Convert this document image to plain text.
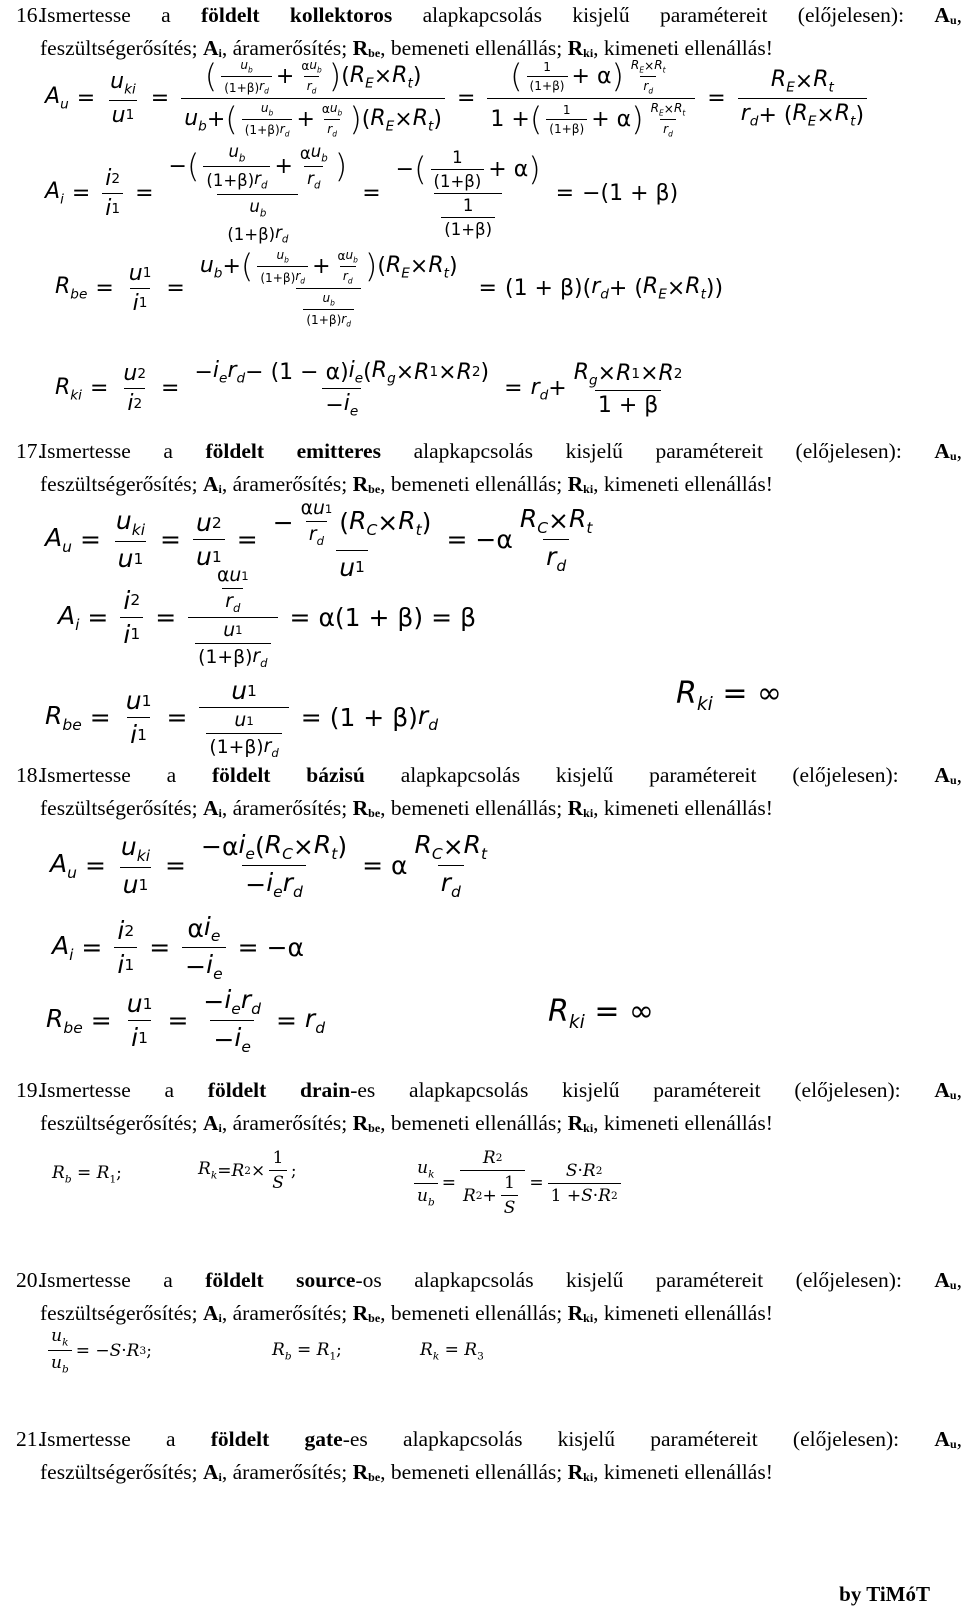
16.
Ismertesse a földelt kollektoros alapkapcsolás kisjelű paramétereit (előjelesen): $A_u$,
feszültségerősítés; $A_i$, áramerősítés; $R_{be}$, bemeneti ellenállás; $R_{ki}$, kimeneti ellenállás!
$A_u = \frac{u_{ki}}{u 1} = \frac{( \frac{u_b}{(1+\beta) r_d} + \frac{\alpha u_b}{r_d} ) ( R_E \times R_t )}{u_b + ( \frac{u_b}{(1+\beta) r_d} + \frac{\alpha u_b}{r_d} ) ( R_E \times R_t )} = \frac{( \frac{1}{(1+\beta)} + \alpha ) \frac{R_E \times R_t}{r_d}}{1 + ( \frac{1}{(1+\beta)} + \alpha ) \frac{R_E \times R_t}{r_d}} = \frac{R_E \times R_t}{r_d + ( R_E \times R_t )}$
$A_i = \frac{i 2}{i 1}$ = − ( $\frac{u_b}{(1+\beta) r_d} + \frac{\alpha u_b}{r_d}$ )
$u_b$
(1+β) $r_d = \frac{- ( \frac{1}{(1+\beta)} + \alpha )}{\frac{1}{(1+\beta)}} = -(1 + \beta)$
$R_{be} = \frac{u 1}{i 1} = \frac{u_b + ( \frac{u_b}{(1+\beta) r_d} + \frac{\alpha u_b}{r_d} ) ( R_E \times R_t )}{\frac{u_b}{(1+\beta) r_d}} = (1 + \beta)$( $r_d$ + ( $R_E \times R_t$ ))
$R_{ki} = \frac{u 2}{i 2} = \frac{- i_er_d - (1 - \alpha) i_e ( R_g \times R 1 \times R 2 )}{- i_e} = r_d + \frac{R_g \times R 1 \times R 2}{1 + \beta}$
17.
Ismertesse a földelt emitteres alapkapcsolás kisjelű paramétereit (előjelesen): $A_u$,
feszültségerősítés; $A_i$, áramerősítés; $R_{be}$, bemeneti ellenállás; $R_{ki}$, kimeneti ellenállás!
$A_u = \frac{u_{ki}}{u 1} = \frac{u 2}{u 1} = \frac{- \frac{\text{α u 1}}{r_d} ( R_C \times R_t )}{u 1} = -\alpha \frac{R_C \times R_t}{r_d}$
$A_i = \frac{i 2}{i 1} = \frac{\frac{\text{α u 1}}{r_d}}{\frac{u 1}{(1+\beta) r_d}} = \alpha(1 + \beta) = \beta$
$R_{be} = \frac{u 1}{i 1} = \frac{u 1}{\frac{u 1}{(1+\beta) r_d}} = (1 + \beta)$ $r_d$
$R_{ki}$ = ∞
18.
Ismertesse a földelt bázisú alapkapcsolás kisjelű paramétereit (előjelesen): $A_u$,
feszültségerősítés; $A_i$, áramerősítés; $R_{be}$, bemeneti ellenállás; $R_{ki}$, kimeneti ellenállás!
$A_u = \frac{u_{ki}}{u 1} = \frac{-\alpha i_e ( R_C \times R_t )}{- i_er_d} = \alpha \frac{R_C \times R_t}{r_d}$
$A_i = \frac{i 2}{i 1} = \frac{\alpha i_e}{- i_e} = -\alpha$
$R_{be} = \frac{u 1}{i 1} = \frac{- i_er_d}{- i_e} = r_d$	$R_{ki}$ = ∞
19.
Ismertesse a földelt drain-es alapkapcsolás kisjelű paramétereit (előjelesen): $A_u$,
feszültségerősítés; $A_i$, áramerősítés; $R_{be}$, bemeneti ellenállás; $R_{ki}$, kimeneti ellenállás!
$R_b = R_1$;	$R_k = R$ $2 \times \frac{1}{S}$ ;	$\frac{u_k}{u_b} = \frac{R 2}{R 2 + \frac{1}{S}} = \frac{S \cdot R 2}{1 + S \cdot R 2}$
20.
Ismertesse a földelt source-os alapkapcsolás kisjelű paramétereit (előjelesen): $A_u$,
feszültségerősítés; $A_i$, áramerősítés; $R_{be}$, bemeneti ellenállás; $R_{ki}$, kimeneti ellenállás!
$\frac{u_k}{u_b}$ = − S · R 3 ;	$R_b = R_1$;	$R_k = R_3$
21.
Ismertesse a földelt gate-es alapkapcsolás kisjelű paramétereit (előjelesen): $A_u$,
feszültségerősítés; $A_i$, áramerősítés; $R_{be}$, bemeneti ellenállás; $R_{ki}$, kimeneti ellenállás!
by TiMóT
